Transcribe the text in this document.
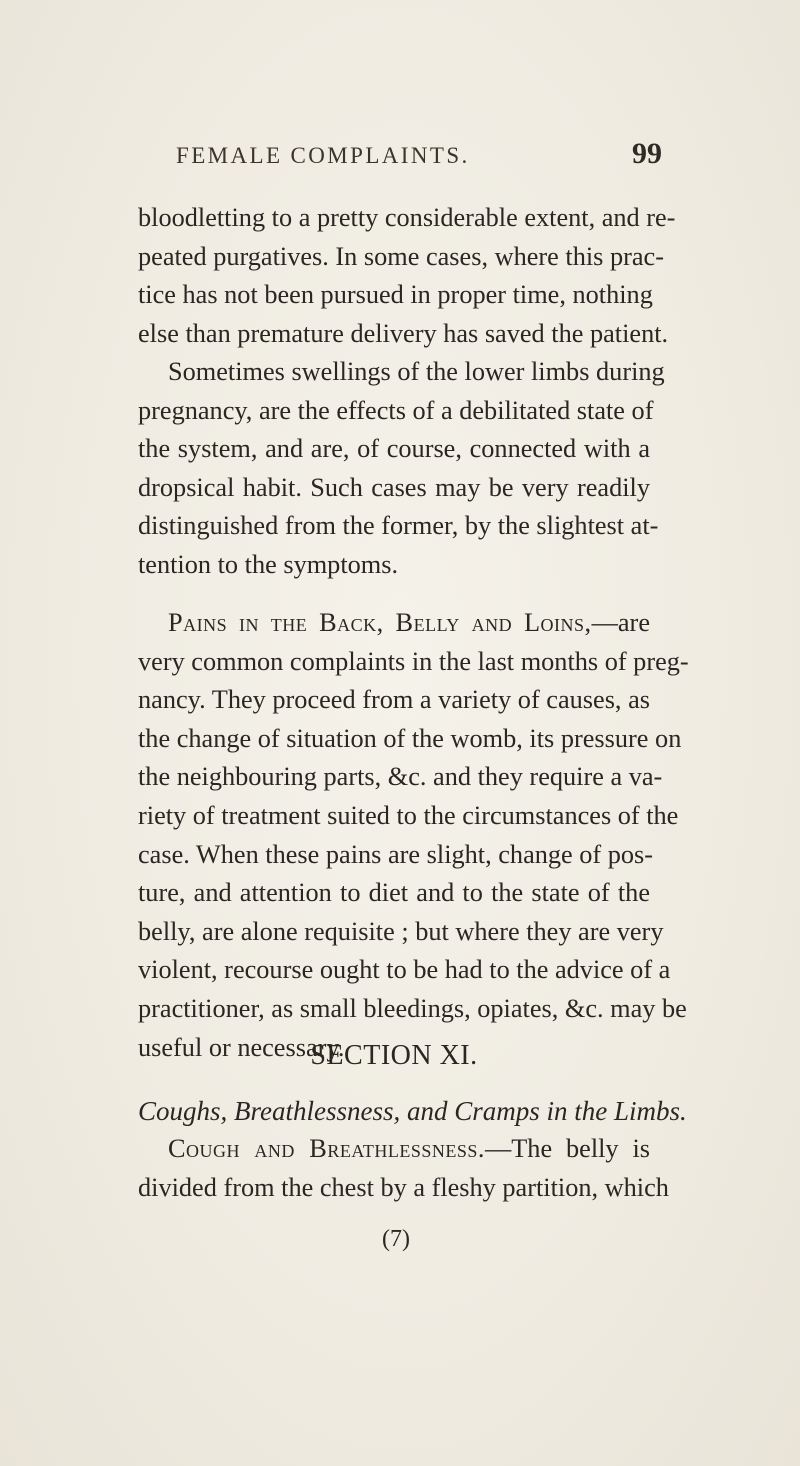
FEMALE COMPLAINTS.	99
bloodletting to a pretty considerable extent, and re-
peated purgatives. In some cases, where this prac-
tice has not been pursued in proper time, nothing
else than premature delivery has saved the patient.
Sometimes swellings of the lower limbs during
pregnancy, are the effects of a debilitated state of
the system, and are, of course, connected with a
dropsical habit. Such cases may be very readily
distinguished from the former, by the slightest at-
tention to the symptoms.
Pains in the Back, Belly and Loins,—are
very common complaints in the last months of preg-
nancy. They proceed from a variety of causes, as
the change of situation of the womb, its pressure on
the neighbouring parts, &c. and they require a va-
riety of treatment suited to the circumstances of the
case. When these pains are slight, change of pos-
ture, and attention to diet and to the state of the
belly, are alone requisite ; but where they are very
violent, recourse ought to be had to the advice of a
practitioner, as small bleedings, opiates, &c. may be
useful or necessary.
SECTION XI.
Coughs, Breathlessness, and Cramps in the Limbs.
Cough and Breathlessness.—The belly is
divided from the chest by a fleshy partition, which
(7)
